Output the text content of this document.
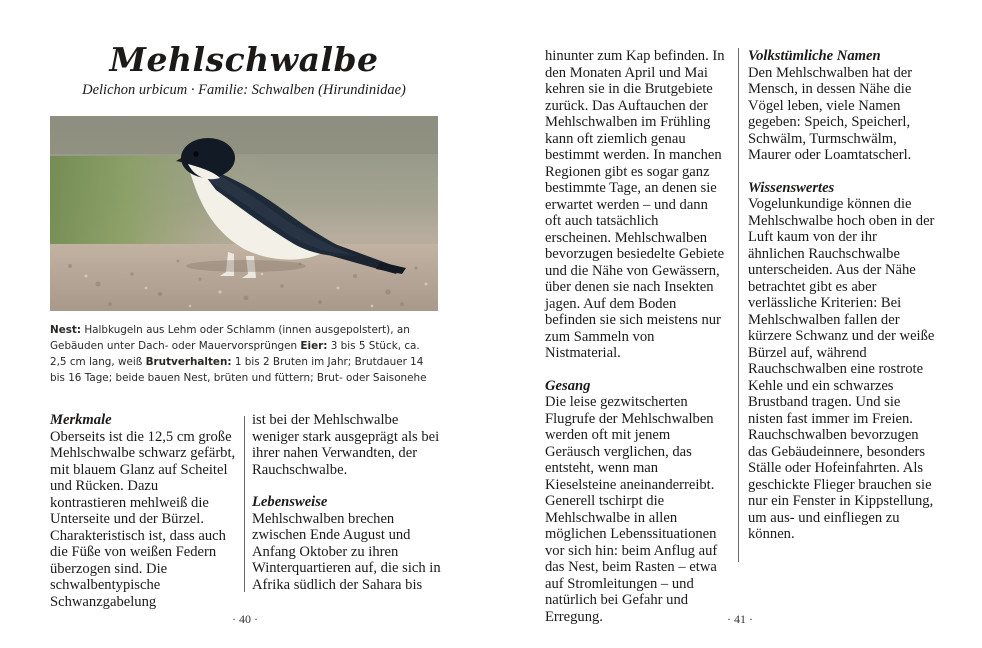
Mehlschwalbe
Delichon urbicum · Familie: Schwalben (Hirundinidae)
Nest: Halbkugeln aus Lehm oder Schlamm (innen ausgepolstert), an Gebäuden unter Dach- oder Mauervorsprüngen Eier: 3 bis 5 Stück, ca. 2,5 cm lang, weiß Brutverhalten: 1 bis 2 Bruten im Jahr; Brutdauer 14 bis 16 Tage; beide bauen Nest, brüten und füttern; Brut- oder Saisonehe

Merkmale

Oberseits ist die 12,5 cm große Mehlschwalbe schwarz gefärbt, mit blauem Glanz auf Scheitel und Rücken. Dazu kontrastieren mehlweiß die Unterseite und der Bürzel. Charakteristisch ist, dass auch die Füße von weißen Federn überzogen sind. Die schwalbentypische Schwanzgabelung

ist bei der Mehlschwalbe weniger stark ausgeprägt als bei ihrer nahen Verwandten, der Rauchschwalbe.

Lebensweise

Mehlschwalben brechen zwischen Ende August und Anfang Oktober zu ihren Winterquartieren auf, die sich in Afrika südlich der Sahara bis

· 40 ·

hinunter zum Kap befinden. In den Monaten April und Mai kehren sie in die Brutgebiete zurück. Das Auftauchen der Mehlschwalben im Frühling kann oft ziemlich genau bestimmt werden. In manchen Regionen gibt es sogar ganz bestimmte Tage, an denen sie erwartet werden – und dann oft auch tatsächlich erscheinen. Mehlschwalben bevorzugen besiedelte Gebiete und die Nähe von Gewässern, über denen sie nach Insekten jagen. Auf dem Boden befinden sie sich meistens nur zum Sammeln von Nistmaterial.

Gesang

Die leise gezwitscherten Flugrufe der Mehlschwalben werden oft mit jenem Geräusch verglichen, das entsteht, wenn man Kieselsteine aneinanderreibt. Generell tschirpt die Mehlschwalbe in allen möglichen Lebenssituationen vor sich hin: beim Anflug auf das Nest, beim Rasten – etwa auf Stromleitungen – und natürlich bei Gefahr und Erregung.

Volkstümliche Namen

Den Mehlschwalben hat der Mensch, in dessen Nähe die Vögel leben, viele Namen gegeben: Speich, Speicherl, Schwälm, Turmschwälm, Maurer oder Loamtatscherl.

Wissenswertes

Vogelunkundige können die Mehlschwalbe hoch oben in der Luft kaum von der ihr ähnlichen Rauchschwalbe unterscheiden. Aus der Nähe betrachtet gibt es aber verlässliche Kriterien: Bei Mehlschwalben fallen der kürzere Schwanz und der weiße Bürzel auf, während Rauchschwalben eine rostrote Kehle und ein schwarzes Brustband tragen. Und sie nisten fast immer im Freien. Rauchschwalben bevorzugen das Gebäudeinnere, besonders Ställe oder Hofeinfahrten. Als geschickte Flieger brauchen sie nur ein Fenster in Kippstellung, um aus- und einfliegen zu können.

· 41 ·
